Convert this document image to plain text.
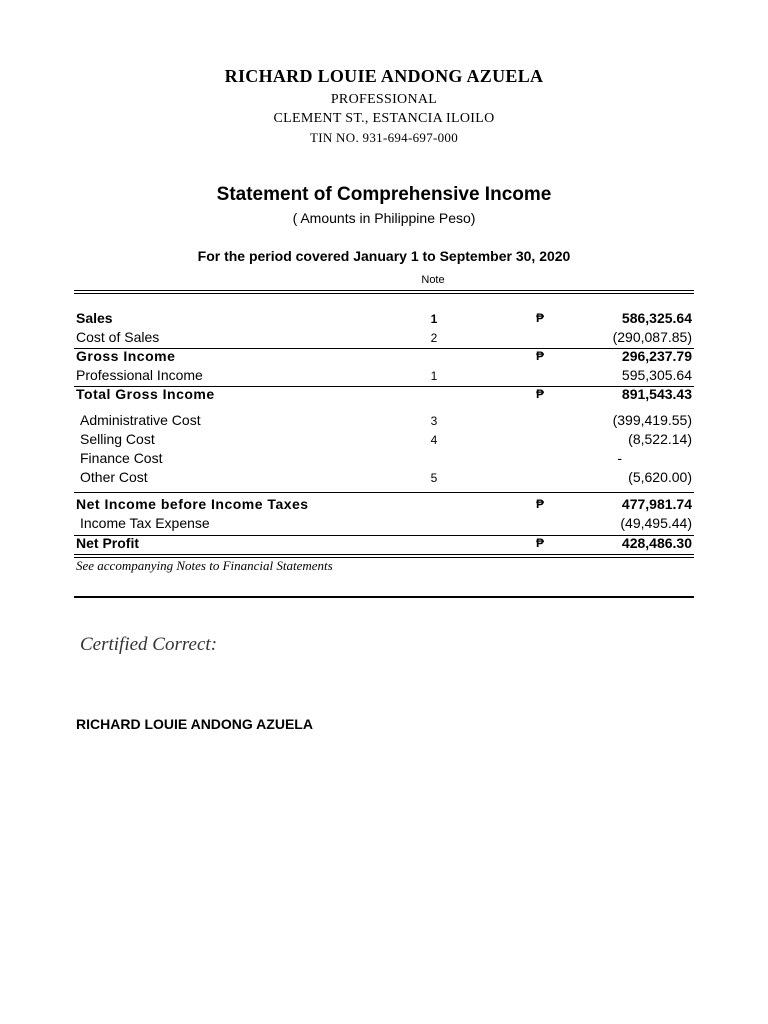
RICHARD LOUIE ANDONG AZUELA
PROFESSIONAL
CLEMENT ST., ESTANCIA ILOILO
TIN NO. 931-694-697-000
Statement of Comprehensive Income
( Amounts in Philippine Peso)
For the period covered January 1 to September 30, 2020
Note
Sales	1	₱	586,325.64
Cost of Sales	2	(290,087.85)
Gross Income	₱	296,237.79
Professional Income	1	595,305.64
Total Gross Income	₱	891,543.43
Administrative Cost	3	(399,419.55)
Selling Cost	4	(8,522.14)
Finance Cost	-
Other Cost	5	(5,620.00)
Net Income before Income Taxes	₱	477,981.74
Income Tax Expense	(49,495.44)
Net Profit	₱	428,486.30
See accompanying Notes to Financial Statements
Certified Correct:
RICHARD LOUIE ANDONG AZUELA
